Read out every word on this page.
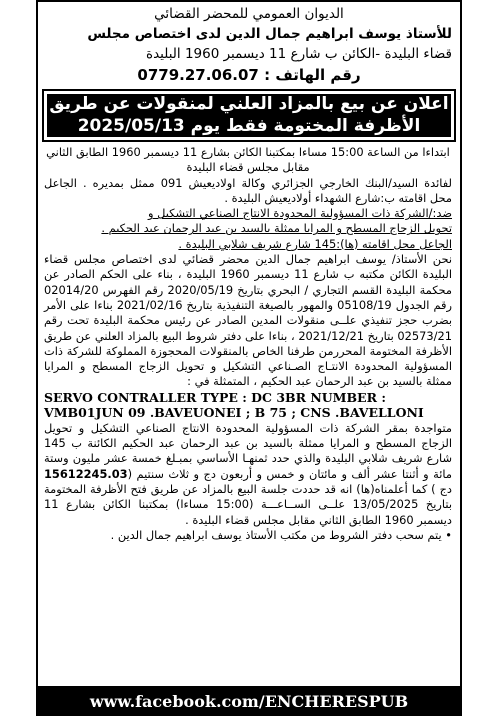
الديوان العمومي للمحضر القضائي
للأستاذ يوسف ابراهيم جمال الدين لدى اختصاص مجلس
قضاء البليدة -الكائن ب شارع 11 ديسمبر 1960 البليدة
رقم الهاتف : 0779.27.06.07
اعلان عن بيع بالمزاد العلني لمنقولات عن طريق
الأظرفة المختومة فقط يوم 2025/05/13

ابتداءا من الساعة 15:00 مساءا بمكتبنا الكائن بشارع 11 ديسمبر 1960 الطابق الثاني مقابل مجلس قضاء البليدة

لفائدة السيد/البنك الخارجي الجزائري وكالة اولاديعيش 091 ممثل بمديره . الجاعل محل اقامته ب:شارع الشهداء أولاديعيش البليدة .

ضد:/الشركة ذات المسؤولية المحدودة الانتاج الصناعي التشكيل و

تحويل الزجاج المسطح و المرايا ممثلة بالسيد بن عبد الرحمان عبد الحكيم .

الجاعل محل اقامته (ها):145 شارع شريف شلابي البليدة .

نحن الأستاذ/ يوسف ابراهيم جمال الدين محضر قضائي لدى اختصاص مجلس قضاء البليدة الكائن مكتبه ب شارع 11 ديسمبر 1960 البليدة ، بناء على الحكم الصادر عن محكمة البليدة القسم التجاري / البحري بتاريخ 2020/05/19 رقم الفهرس 02014/20 رقم الجدول 05108/19 والمهور بالصيغة التنفيذية بتاريخ 2021/02/16 بناءا على الأمر بضرب حجز تنفيذي علــى منقولات المدين الصادر عن رئيس محكمة البليدة تحت رقم 02573/21 بتاريخ 2021/12/21 ، بناءا على دفتر شروط البيع بالمزاد العلني عن طريق الأظرفة المختومة المحررمن طرفنا الخاص بالمنقولات المحجوزة المملوكة للشركة ذات المسؤولية المحدودة الانتـاج الصـناعي التشكيل و تحويل الزجاج المسطح و المرايا ممثلة بالسيد بن عبد الرحمان عبد الحكيم ، المتمثلة في :

SERVO CONTRALLER TYPE : DC 3BR NUMBER : VMB01JUN 09 .BAVEUONEI ; B 75 ; CNS .BAVELLONI

متواجدة بمقر الشركة ذات المسؤولية المحدودة الانتاج الصناعي التشكيل و تحويل الزجاج المسطح و المرايا ممثلة بالسيد بن عبد الرحمان عبد الحكيم الكائنة ب 145 شارع شريف شلابي البليدة والذي حدد ثمنهـا الأساسي بمبـلغ خمسة عشر مليون وستة مائة و أثنتا عشر ألف و مائتان و خمس و أربعون دج و ثلاث سنتيم (15612245.03 دج ) كما أعلمناه(ها) انه قد حددت جلسة البيع بالمزاد عن طريق فتح الأظرفة المختومة بتاريخ 13/05/2025 علــى الســاعـــة (15:00 مساءا) بمكتبنا الكائن بشارع 11 ديسمبر 1960 الطابق الثاني مقابل مجلس قضاء البليدة .

• يتم سحب دفتر الشروط من مكتب الأستاذ يوسف ابراهيم جمال الدين .

www.facebook.com/ENCHERESPUB
